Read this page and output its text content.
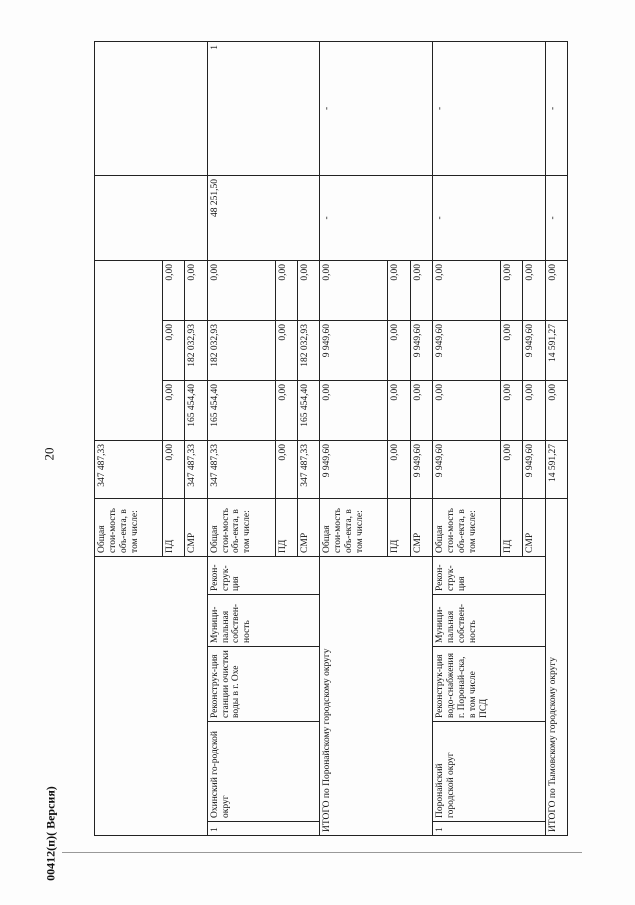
20
					Общая стои-мость объ-екта, в том числе:	347 487,33					
					ПД	0,00	0,00	0,00	0,00		
					СМР	347 487,33	165 454,40	182 032,93	0,00		
1	Охинский го-родской округ	Реконструк-ция станции очистки воды в г. Охе	Муници-пальная собствен-ность	Рекон-струк-ция	Общая стои-мость объ-екта, в том числе:	347 487,33	165 454,40	182 032,93	0,00	48 251,50	1
					ПД	0,00	0,00	0,00	0,00		
					СМР	347 487,33	165 454,40	182 032,93	0,00		
ИТОГО по Поронайскому городскому округу					Общая стои-мость объ-екта, в том числе:	9 949,60	0,00	9 949,60	0,00	-	-
					ПД	0,00	0,00	0,00	0,00		
					СМР	9 949,60	0,00	9 949,60	0,00		
1	Поронайский городской округ	Реконструк-ция водо-снабжения г. Поронай-ска, в том числе ПСД	Муници-пальная собствен-ность	Рекон-струк-ция	Общая стои-мость объ-екта, в том числе:	9 949,60	0,00	9 949,60	0,00	-	-
					ПД	0,00	0,00	0,00	0,00		
					СМР	9 949,60	0,00	9 949,60	0,00		
ИТОГО по Тымовскому городскому округу						14 591,27	0,00	14 591,27	0,00	-	-
00412(п)( Версия)
